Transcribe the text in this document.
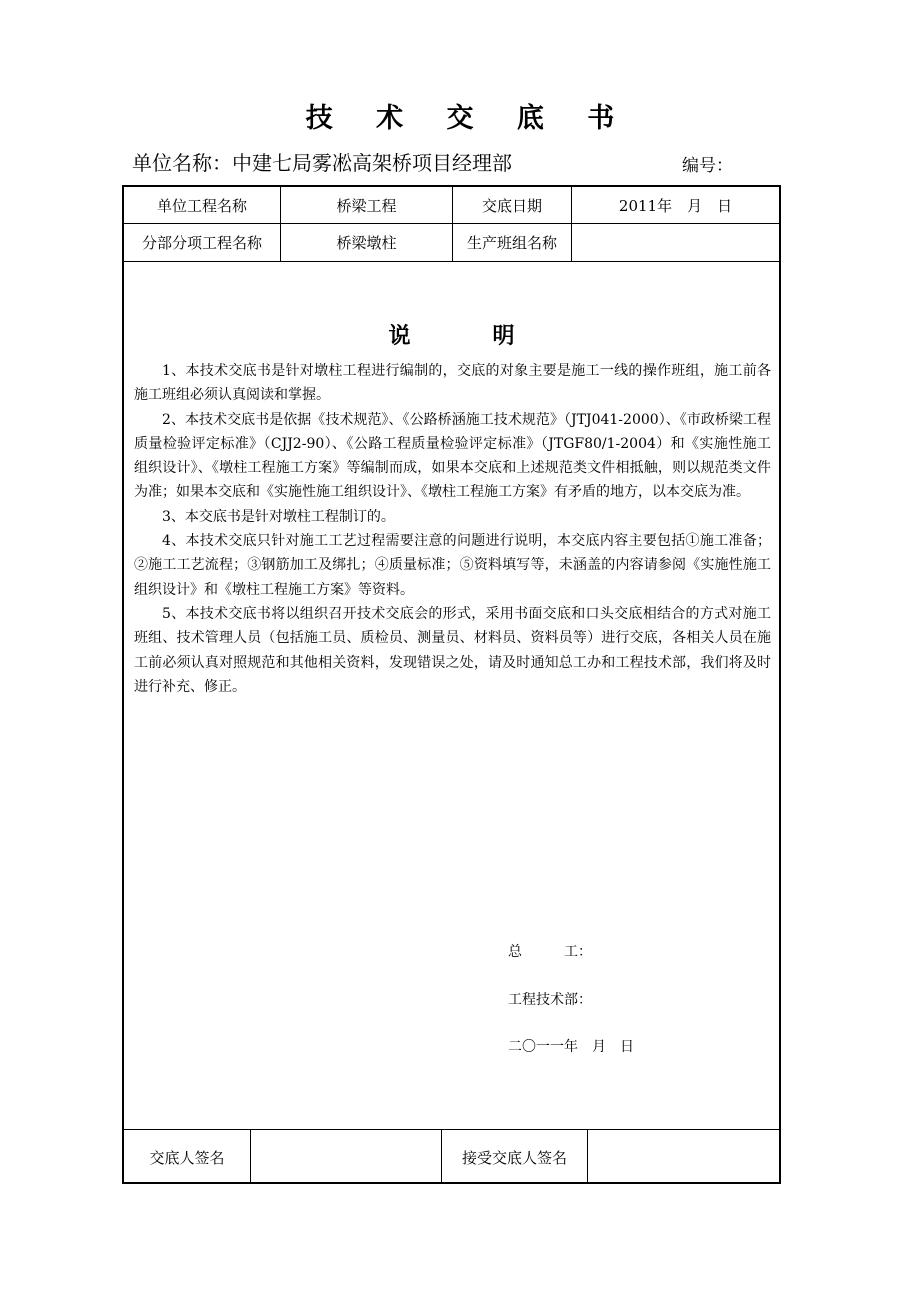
技 术 交 底 书
单位名称：中建七局雾凇高架桥项目经理部	编号：
单位工程名称	桥梁工程	交底日期	2011年　月　日
分部分项工程名称	桥梁墩柱	生产班组名称
说　明

1、本技术交底书是针对墩柱工程进行编制的，交底的对象主要是施工一线的操作班组，施工前各施工班组必须认真阅读和掌握。

2、本技术交底书是依据《技术规范》、《公路桥涵施工技术规范》（JTJ041-2000）、《市政桥梁工程质量检验评定标准》（CJJ2-90）、《公路工程质量检验评定标准》（JTGF80/1-2004）和《实施性施工组织设计》、《墩柱工程施工方案》等编制而成，如果本交底和上述规范类文件相抵触，则以规范类文件为准；如果本交底和《实施性施工组织设计》、《墩柱工程施工方案》有矛盾的地方，以本交底为准。

3、本交底书是针对墩柱工程制订的。

4、本技术交底只针对施工工艺过程需要注意的问题进行说明，本交底内容主要包括①施工准备；②施工工艺流程；③钢筋加工及绑扎；④质量标准；⑤资料填写等，未涵盖的内容请参阅《实施性施工组织设计》和《墩柱工程施工方案》等资料。

5、本技术交底书将以组织召开技术交底会的形式，采用书面交底和口头交底相结合的方式对施工班组、技术管理人员（包括施工员、质检员、测量员、材料员、资料员等）进行交底，各相关人员在施工前必须认真对照规范和其他相关资料，发现错误之处，请及时通知总工办和工程技术部，我们将及时进行补充、修正。

总　　　工：
工程技术部：
二〇一一年　月　日
交底人签名	接受交底人签名
